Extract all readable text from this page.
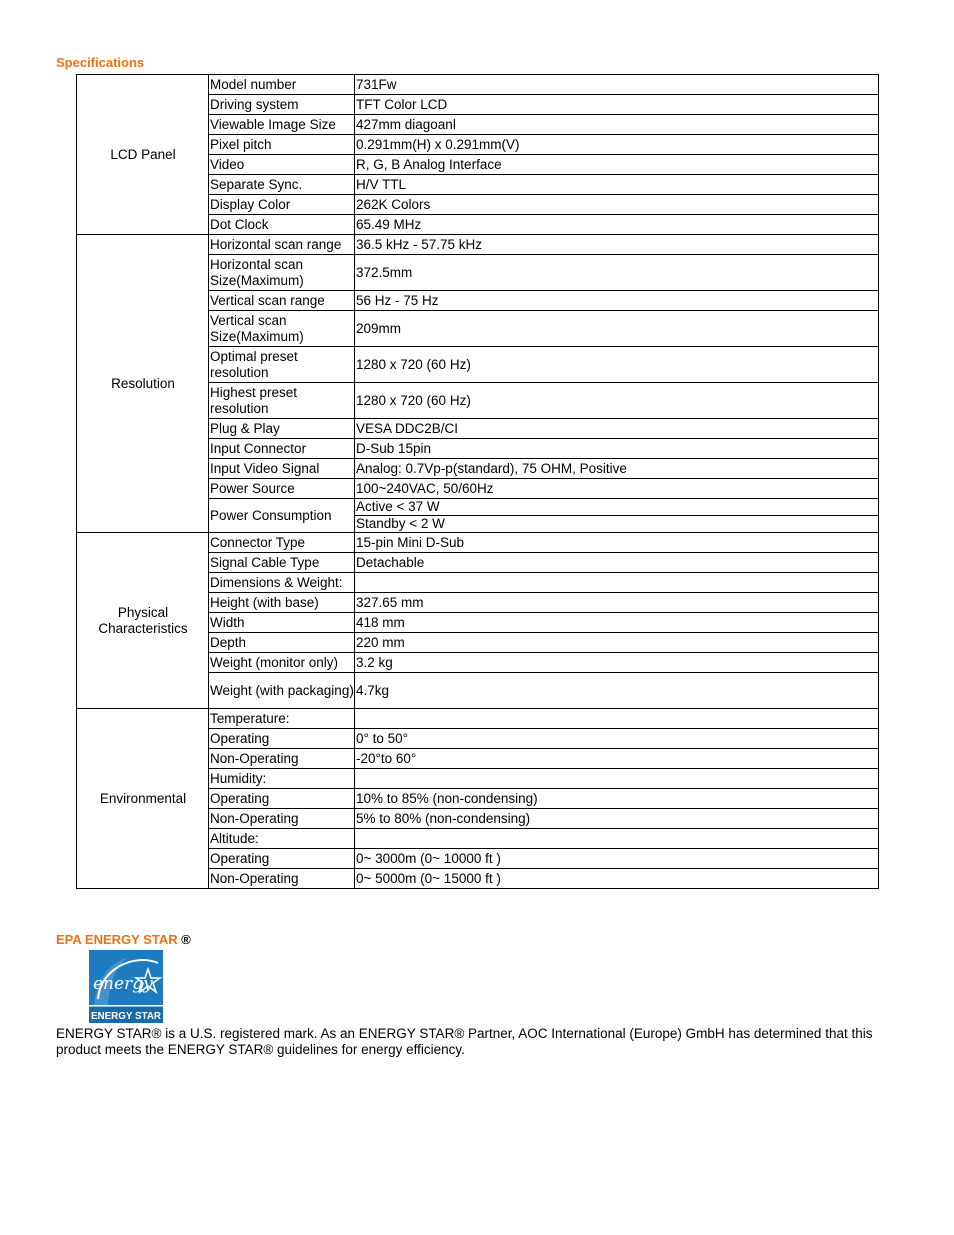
Specifications
LCD Panel	Model number	731Fw
	Driving system	TFT Color LCD
	Viewable Image Size	427mm diagoanl
	Pixel pitch	0.291mm(H) x 0.291mm(V)
	Video	R, G, B Analog Interface
	Separate Sync.	H/V TTL
	Display Color	262K Colors
	Dot Clock	65.49 MHz
Resolution	Horizontal scan range	36.5 kHz - 57.75 kHz
	Horizontal scan Size(Maximum)	372.5mm
	Vertical scan range	56 Hz - 75 Hz
	Vertical scan Size(Maximum)	209mm
	Optimal preset resolution	1280 x 720 (60 Hz)
	Highest preset resolution	1280 x 720 (60 Hz)
	Plug & Play	VESA DDC2B/CI
	Input Connector	D-Sub 15pin
	Input Video Signal	Analog: 0.7Vp-p(standard), 75 OHM, Positive
	Power Source	100~240VAC, 50/60Hz
	Power Consumption	Active < 37 W
		Standby < 2 W
Physical Characteristics	Connector Type	15-pin Mini D-Sub
	Signal Cable Type	Detachable
	Dimensions & Weight:	
	Height (with base)	327.65 mm
	Width	418 mm
	Depth	220 mm
	Weight (monitor only)	3.2 kg
	Weight (with packaging)	4.7kg
Environmental	Temperature:	
	Operating	0° to 50°
	Non-Operating	-20°to 60°
	Humidity:	
	Operating	10% to 85% (non-condensing)
	Non-Operating	5% to 80% (non-condensing)
	Altitude:	
	Operating	0~ 3000m (0~ 10000 ft )
	Non-Operating	0~ 5000m (0~ 15000 ft )
EPA ENERGY STAR ®
energy
ENERGY STAR
ENERGY STAR® is a U.S. registered mark. As an ENERGY STAR® Partner, AOC International (Europe) GmbH has determined that this product meets the ENERGY STAR® guidelines for energy efficiency.
